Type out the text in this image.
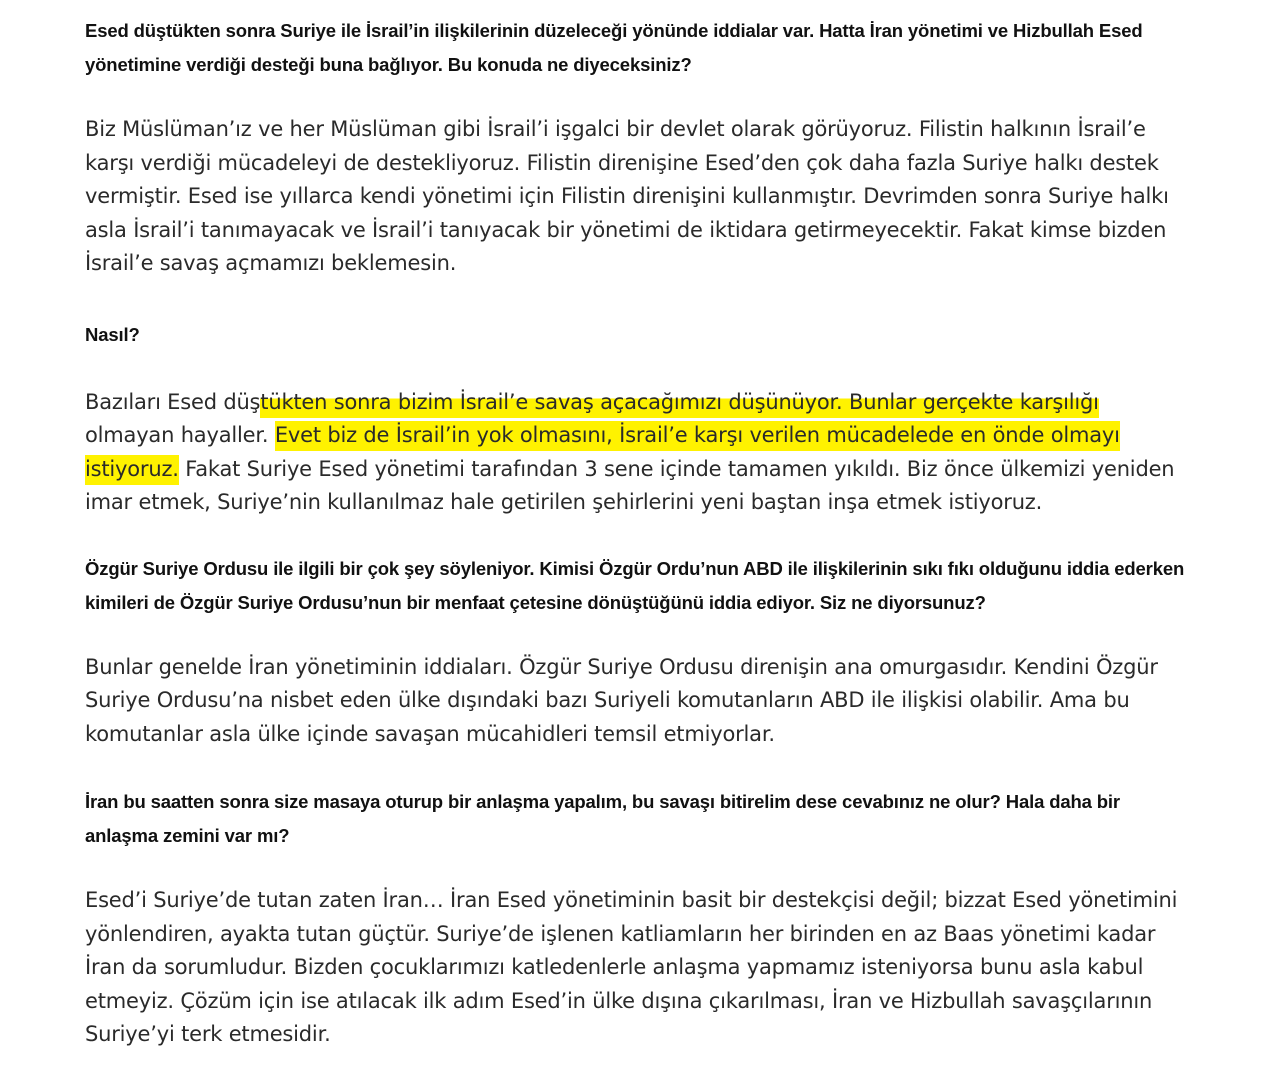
Esed düştükten sonra Suriye ile İsrail’in ilişkilerinin düzeleceği yönünde iddialar var. Hatta İran yönetimi ve Hizbullah Esed yönetimine verdiği desteği buna bağlıyor. Bu konuda ne diyeceksiniz?

Biz Müslüman’ız ve her Müslüman gibi İsrail’i işgalci bir devlet olarak görüyoruz. Filistin halkının İsrail’e karşı verdiği mücadeleyi de destekliyoruz. Filistin direnişine Esed’den çok daha fazla Suriye halkı destek vermiştir. Esed ise yıllarca kendi yönetimi için Filistin direnişini kullanmıştır. Devrimden sonra Suriye halkı asla İsrail’i tanımayacak ve İsrail’i tanıyacak bir yönetimi de iktidara getirmeyecektir. Fakat kimse bizden İsrail’e savaş açmamızı beklemesin.

Nasıl?

Bazıları Esed düştükten sonra bizim İsrail’e savaş açacağımızı düşünüyor. Bunlar gerçekte karşılığı olmayan hayaller. Evet biz de İsrail’in yok olmasını, İsrail’e karşı verilen mücadelede en önde olmayı istiyoruz. Fakat Suriye Esed yönetimi tarafından 3 sene içinde tamamen yıkıldı. Biz önce ülkemizi yeniden imar etmek, Suriye’nin kullanılmaz hale getirilen şehirlerini yeni baştan inşa etmek istiyoruz.

Özgür Suriye Ordusu ile ilgili bir çok şey söyleniyor. Kimisi Özgür Ordu’nun ABD ile ilişkilerinin sıkı fıkı olduğunu iddia ederken kimileri de Özgür Suriye Ordusu’nun bir menfaat çetesine dönüştüğünü iddia ediyor. Siz ne diyorsunuz?

Bunlar genelde İran yönetiminin iddiaları. Özgür Suriye Ordusu direnişin ana omurgasıdır. Kendini Özgür Suriye Ordusu’na nisbet eden ülke dışındaki bazı Suriyeli komutanların ABD ile ilişkisi olabilir. Ama bu komutanlar asla ülke içinde savaşan mücahidleri temsil etmiyorlar.

İran bu saatten sonra size masaya oturup bir anlaşma yapalım, bu savaşı bitirelim dese cevabınız ne olur? Hala daha bir anlaşma zemini var mı?

Esed’i Suriye’de tutan zaten İran… İran Esed yönetiminin basit bir destekçisi değil; bizzat Esed yönetimini yönlendiren, ayakta tutan güçtür. Suriye’de işlenen katliamların her birinden en az Baas yönetimi kadar İran da sorumludur. Bizden çocuklarımızı katledenlerle anlaşma yapmamız isteniyorsa bunu asla kabul etmeyiz. Çözüm için ise atılacak ilk adım Esed’in ülke dışına çıkarılması, İran ve Hizbullah savaşçılarının Suriye’yi terk etmesidir.
